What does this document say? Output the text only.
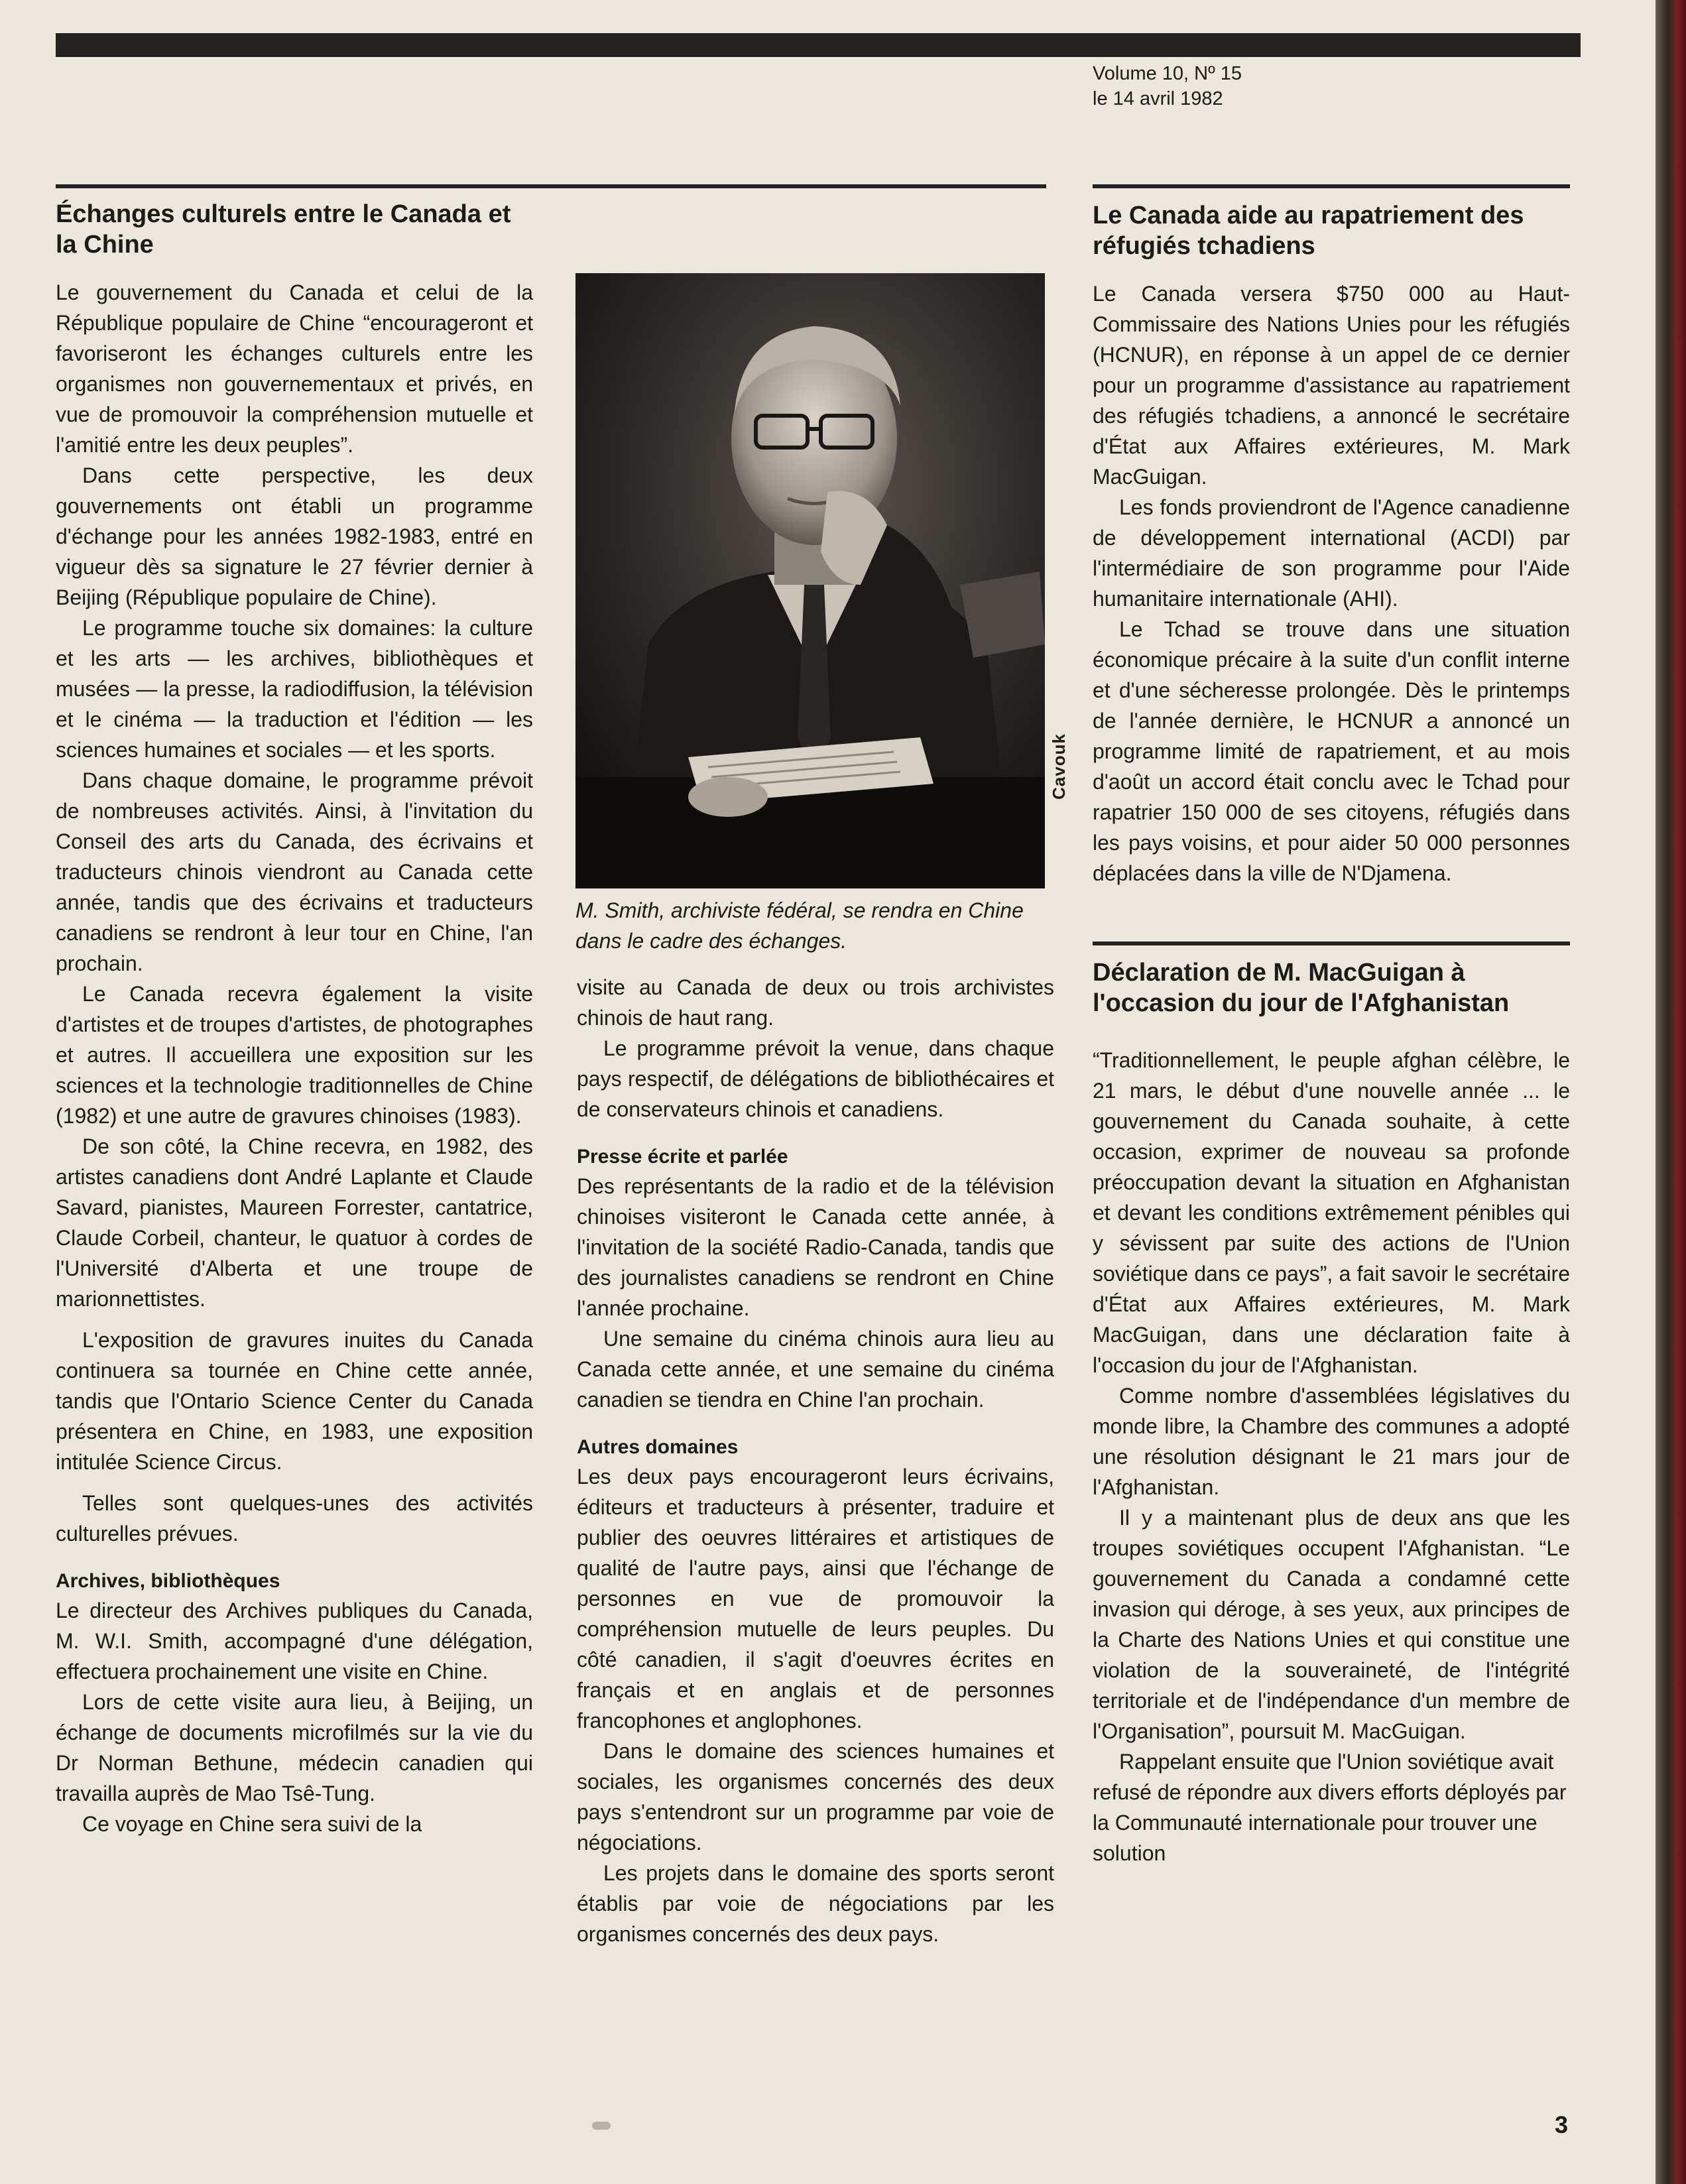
Volume 10, Nº 15
le 14 avril 1982
Échanges culturels entre le Canada et la Chine

Le gouvernement du Canada et celui de la République populaire de Chine “encourageront et favoriseront les échanges culturels entre les organismes non gouvernementaux et privés, en vue de promouvoir la compréhension mutuelle et l'amitié entre les deux peuples”.

Dans cette perspective, les deux gouvernements ont établi un programme d'échange pour les années 1982-1983, entré en vigueur dès sa signature le 27 février dernier à Beijing (République populaire de Chine).

Le programme touche six domaines: la culture et les arts — les archives, bibliothèques et musées — la presse, la radiodiffusion, la télévision et le cinéma — la traduction et l'édition — les sciences humaines et sociales — et les sports.

Dans chaque domaine, le programme prévoit de nombreuses activités. Ainsi, à l'invitation du Conseil des arts du Canada, des écrivains et traducteurs chinois viendront au Canada cette année, tandis que des écrivains et traducteurs canadiens se rendront à leur tour en Chine, l'an prochain.

Le Canada recevra également la visite d'artistes et de troupes d'artistes, de photographes et autres. Il accueillera une exposition sur les sciences et la technologie traditionnelles de Chine (1982) et une autre de gravures chinoises (1983).

De son côté, la Chine recevra, en 1982, des artistes canadiens dont André Laplante et Claude Savard, pianistes, Maureen Forrester, cantatrice, Claude Corbeil, chanteur, le quatuor à cordes de l'Université d'Alberta et une troupe de marionnettistes.

L'exposition de gravures inuites du Canada continuera sa tournée en Chine cette année, tandis que l'Ontario Science Center du Canada présentera en Chine, en 1983, une exposition intitulée Science Circus.

Telles sont quelques-unes des activités culturelles prévues.

Archives, bibliothèques

Le directeur des Archives publiques du Canada, M. W.I. Smith, accompagné d'une délégation, effectuera prochainement une visite en Chine.

Lors de cette visite aura lieu, à Beijing, un échange de documents microfilmés sur la vie du Dr Norman Bethune, médecin canadien qui travailla auprès de Mao Tsê-Tung.

Ce voyage en Chine sera suivi de la

Cavouk
M. Smith, archiviste fédéral, se rendra en Chine dans le cadre des échanges.

visite au Canada de deux ou trois archivistes chinois de haut rang.

Le programme prévoit la venue, dans chaque pays respectif, de délégations de bibliothécaires et de conservateurs chinois et canadiens.

Presse écrite et parlée

Des représentants de la radio et de la télévision chinoises visiteront le Canada cette année, à l'invitation de la société Radio-Canada, tandis que des journalistes canadiens se rendront en Chine l'année prochaine.

Une semaine du cinéma chinois aura lieu au Canada cette année, et une semaine du cinéma canadien se tiendra en Chine l'an prochain.

Autres domaines

Les deux pays encourageront leurs écrivains, éditeurs et traducteurs à présenter, traduire et publier des oeuvres littéraires et artistiques de qualité de l'autre pays, ainsi que l'échange de personnes en vue de promouvoir la compréhension mutuelle de leurs peuples. Du côté canadien, il s'agit d'oeuvres écrites en français et en anglais et de personnes francophones et anglophones.

Dans le domaine des sciences humaines et sociales, les organismes concernés des deux pays s'entendront sur un programme par voie de négociations.

Les projets dans le domaine des sports seront établis par voie de négociations par les organismes concernés des deux pays.

Le Canada aide au rapatriement des réfugiés tchadiens

Le Canada versera $750 000 au Haut-Commissaire des Nations Unies pour les réfugiés (HCNUR), en réponse à un appel de ce dernier pour un programme d'assistance au rapatriement des réfugiés tchadiens, a annoncé le secrétaire d'État aux Affaires extérieures, M. Mark MacGuigan.

Les fonds proviendront de l'Agence canadienne de développement international (ACDI) par l'intermédiaire de son programme pour l'Aide humanitaire internationale (AHI).

Le Tchad se trouve dans une situation économique précaire à la suite d'un conflit interne et d'une sécheresse prolongée. Dès le printemps de l'année dernière, le HCNUR a annoncé un programme limité de rapatriement, et au mois d'août un accord était conclu avec le Tchad pour rapatrier 150 000 de ses citoyens, réfugiés dans les pays voisins, et pour aider 50 000 personnes déplacées dans la ville de N'Djamena.

Déclaration de M. MacGuigan à l'occasion du jour de l'Afghanistan

“Traditionnellement, le peuple afghan célèbre, le 21 mars, le début d'une nouvelle année ... le gouvernement du Canada souhaite, à cette occasion, exprimer de nouveau sa profonde préoccupation devant la situation en Afghanistan et devant les conditions extrêmement pénibles qui y sévissent par suite des actions de l'Union soviétique dans ce pays”, a fait savoir le secrétaire d'État aux Affaires extérieures, M. Mark MacGuigan, dans une déclaration faite à l'occasion du jour de l'Afghanistan.

Comme nombre d'assemblées législatives du monde libre, la Chambre des communes a adopté une résolution désignant le 21 mars jour de l'Afghanistan.

Il y a maintenant plus de deux ans que les troupes soviétiques occupent l'Afghanistan. “Le gouvernement du Canada a condamné cette invasion qui déroge, à ses yeux, aux principes de la Charte des Nations Unies et qui constitue une violation de la souveraineté, de l'intégrité territoriale et de l'indépendance d'un membre de l'Organisation”, poursuit M. MacGuigan.

Rappelant ensuite que l'Union soviétique avait refusé de répondre aux divers efforts déployés par la Communauté internationale pour trouver une solution

3
